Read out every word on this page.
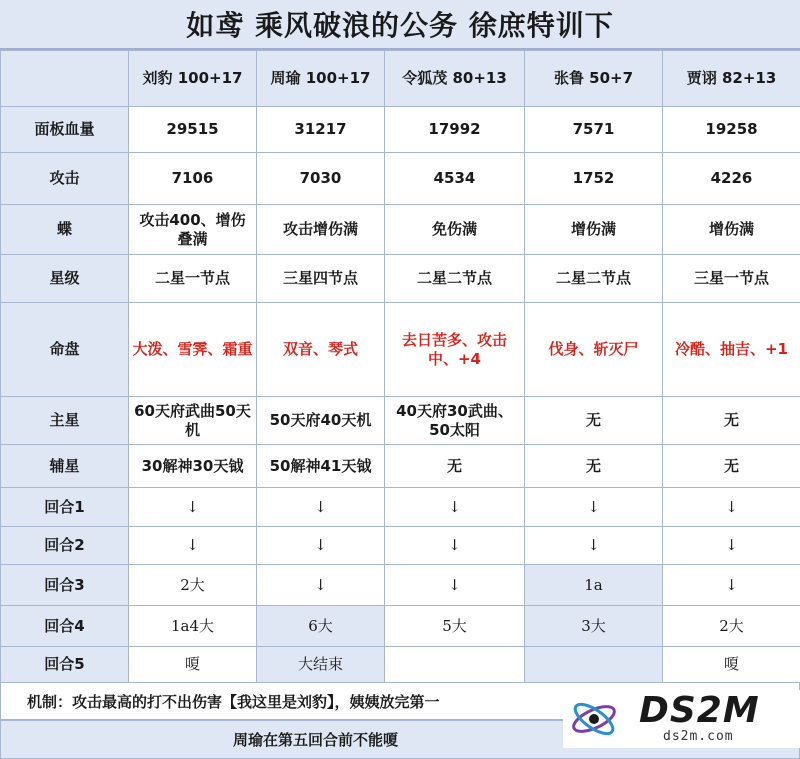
如鸢 乘风破浪的公务 徐庶特训下
	刘豹 100+17	周瑜 100+17	令狐茂 80+13	张鲁 50+7	贾诩 82+13
面板血量	29515	31217	17992	7571	19258
攻击	7106	7030	4534	1752	4226
蝶	攻击400、增伤叠满	攻击增伤满	免伤满	增伤满	增伤满
星级	二星一节点	三星四节点	二星二节点	二星二节点	三星一节点
命盘	大泼、雪霁、霜重	双音、琴式	去日苦多、攻击中、+4	伐身、斩灭尸	冷酷、抽吉、+1
主星	60天府武曲50天机	50天府40天机	40天府30武曲、50太阳	无	无
辅星	30解神30天钺	50解神41天钺	无	无	无
回合1	↓	↓	↓	↓	↓
回合2	↓	↓	↓	↓	↓
回合3	2大	↓	↓	1a	↓
回合4	1a4大	6大	5大	3大	2大
回合5	嗄	大结束			嗄
机制：攻击最高的打不出伤害【我这里是刘豹】，姨姨放完第一
周瑜在第五回合前不能嗄
DS2M
ds2m.com
